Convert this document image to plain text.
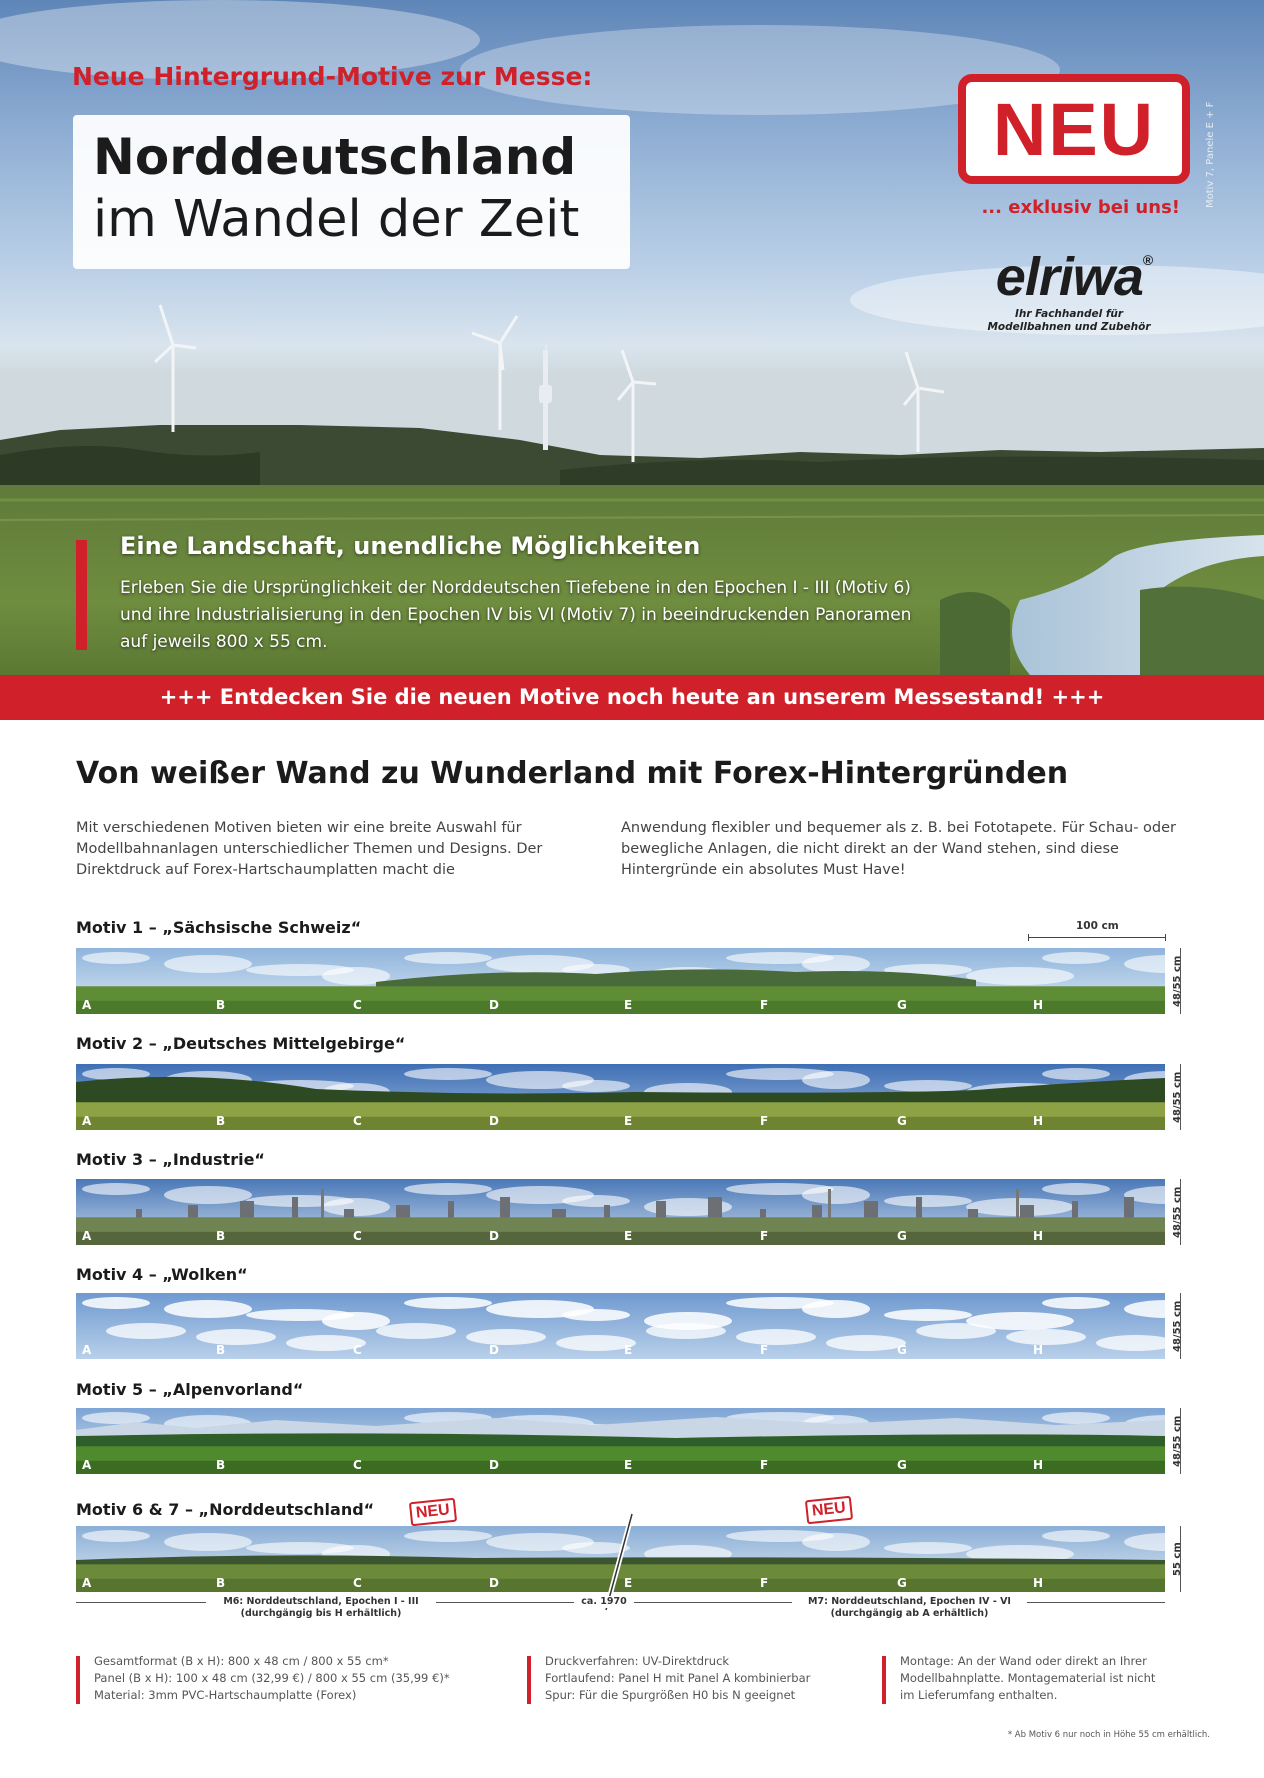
Neue Hintergrund-Motive zur Messe:
Norddeutschland
im Wandel der Zeit
NEU
... exklusiv bei uns!
elriwa®
Ihr Fachhandel für
Modellbahnen und Zubehör
Motiv 7, Panele E + F
Eine Landschaft, unendliche Möglichkeiten
Erleben Sie die Ursprünglichkeit der Norddeutschen Tiefebene in den Epochen I - III (Motiv 6) und ihre Industrialisierung in den Epochen IV bis VI (Motiv 7) in beeindruckenden Panoramen auf jeweils 800 x 55 cm.
+++ Entdecken Sie die neuen Motive noch heute an unserem Messestand! +++
Von weißer Wand zu Wunderland mit Forex-Hintergründen
Mit verschiedenen Motiven bieten wir eine breite Auswahl für Modellbahnanlagen unterschiedlicher Themen und Designs. Der Direktdruck auf Forex-Hartschaumplatten macht die
Anwendung flexibler und bequemer als z. B. bei Fototapete. Für Schau- oder bewegliche Anlagen, die nicht direkt an der Wand stehen, sind diese Hintergründe ein absolutes Must Have!
100 cm
Motiv 1 – „Sächsische Schweiz“
A	B	C	D	E	F	G	H	48/55 cm
Motiv 2 – „Deutsches Mittelgebirge“
A	B	C	D	E	F	G	H	48/55 cm
Motiv 3 – „Industrie“
A	B	C	D	E	F	G	H	48/55 cm
Motiv 4 – „Wolken“
A	B	C	D	E	F	G	H	48/55 cm
Motiv 5 – „Alpenvorland“
A	B	C	D	E	F	G	H	48/55 cm
Motiv 6 & 7 – „Norddeutschland“
A	B	C	D	E	F	G	H
55 cm
NEU	NEU
M6: Norddeutschland, Epochen I - III
(durchgängig bis H erhältlich)
ca. 1970	M7: Norddeutschland, Epochen IV - VI
(durchgängig ab A erhältlich)
Gesamtformat (B x H): 800 x 48 cm / 800 x 55 cm*
Panel (B x H): 100 x 48 cm (32,99 €) / 800 x 55 cm (35,99 €)*
Material: 3mm PVC-Hartschaumplatte (Forex)
Druckverfahren: UV-Direktdruck
Fortlaufend: Panel H mit Panel A kombinierbar
Spur: Für die Spurgrößen H0 bis N geeignet
Montage: An der Wand oder direkt an Ihrer
Modellbahnplatte. Montagematerial ist nicht
im Lieferumfang enthalten.
* Ab Motiv 6 nur noch in Höhe 55 cm erhältlich.
